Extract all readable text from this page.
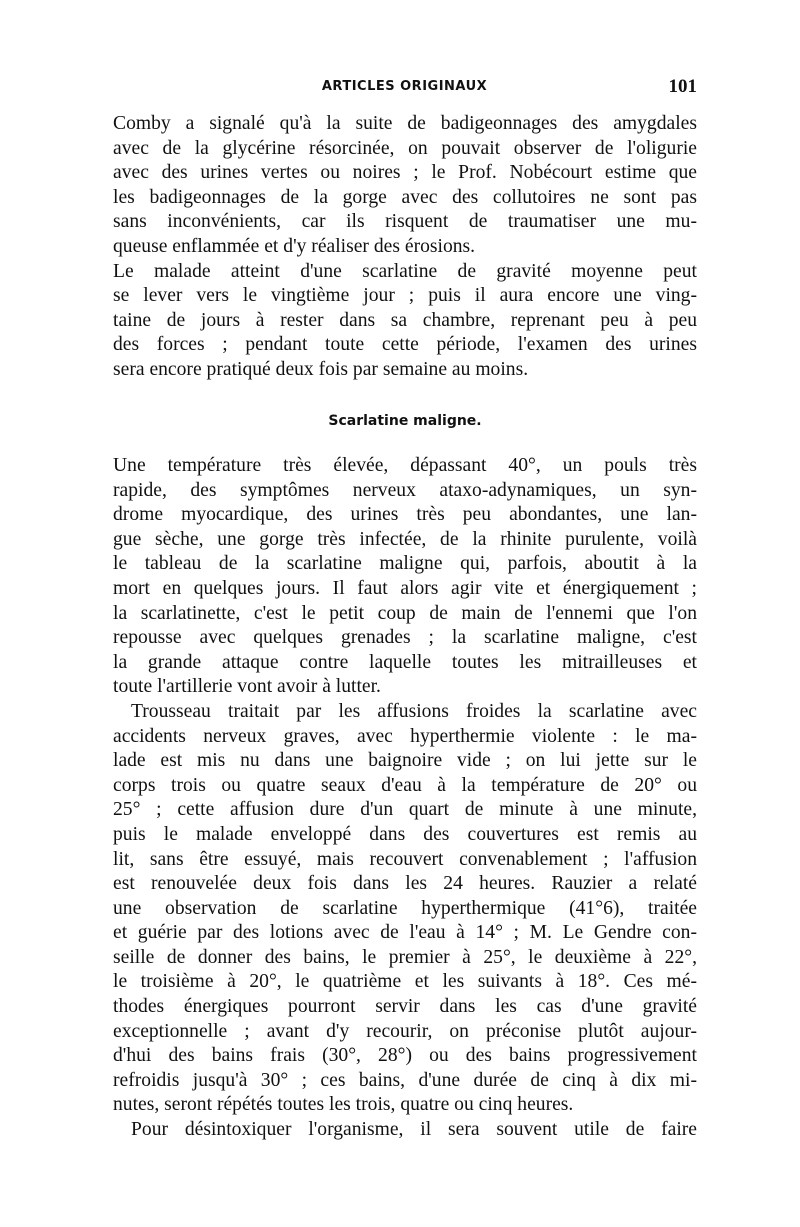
ARTICLES ORIGINAUX	101
Comby a signalé qu'à la suite de badigeonnages des amygdales
avec de la glycérine résorcinée, on pouvait observer de l'oligurie
avec des urines vertes ou noires ; le Prof. Nobécourt estime que
les badigeonnages de la gorge avec des collutoires ne sont pas
sans inconvénients, car ils risquent de traumatiser une mu-
queuse enflammée et d'y réaliser des érosions.
Le malade atteint d'une scarlatine de gravité moyenne peut
se lever vers le vingtième jour ; puis il aura encore une ving-
taine de jours à rester dans sa chambre, reprenant peu à peu
des forces ; pendant toute cette période, l'examen des urines
sera encore pratiqué deux fois par semaine au moins.
Scarlatine maligne.
Une température très élevée, dépassant 40°, un pouls très
rapide, des symptômes nerveux ataxo-adynamiques, un syn-
drome myocardique, des urines très peu abondantes, une lan-
gue sèche, une gorge très infectée, de la rhinite purulente, voilà
le tableau de la scarlatine maligne qui, parfois, aboutit à la
mort en quelques jours. Il faut alors agir vite et énergiquement ;
la scarlatinette, c'est le petit coup de main de l'ennemi que l'on
repousse avec quelques grenades ; la scarlatine maligne, c'est
la grande attaque contre laquelle toutes les mitrailleuses et
toute l'artillerie vont avoir à lutter.
Trousseau traitait par les affusions froides la scarlatine avec
accidents nerveux graves, avec hyperthermie violente : le ma-
lade est mis nu dans une baignoire vide ; on lui jette sur le
corps trois ou quatre seaux d'eau à la température de 20° ou
25° ; cette affusion dure d'un quart de minute à une minute,
puis le malade enveloppé dans des couvertures est remis au
lit, sans être essuyé, mais recouvert convenablement ; l'affusion
est renouvelée deux fois dans les 24 heures. Rauzier a relaté
une observation de scarlatine hyperthermique (41°6), traitée
et guérie par des lotions avec de l'eau à 14° ; M. Le Gendre con-
seille de donner des bains, le premier à 25°, le deuxième à 22°,
le troisième à 20°, le quatrième et les suivants à 18°. Ces mé-
thodes énergiques pourront servir dans les cas d'une gravité
exceptionnelle ; avant d'y recourir, on préconise plutôt aujour-
d'hui des bains frais (30°, 28°) ou des bains progressivement
refroidis jusqu'à 30° ; ces bains, d'une durée de cinq à dix mi-
nutes, seront répétés toutes les trois, quatre ou cinq heures.
Pour désintoxiquer l'organisme, il sera souvent utile de faire
